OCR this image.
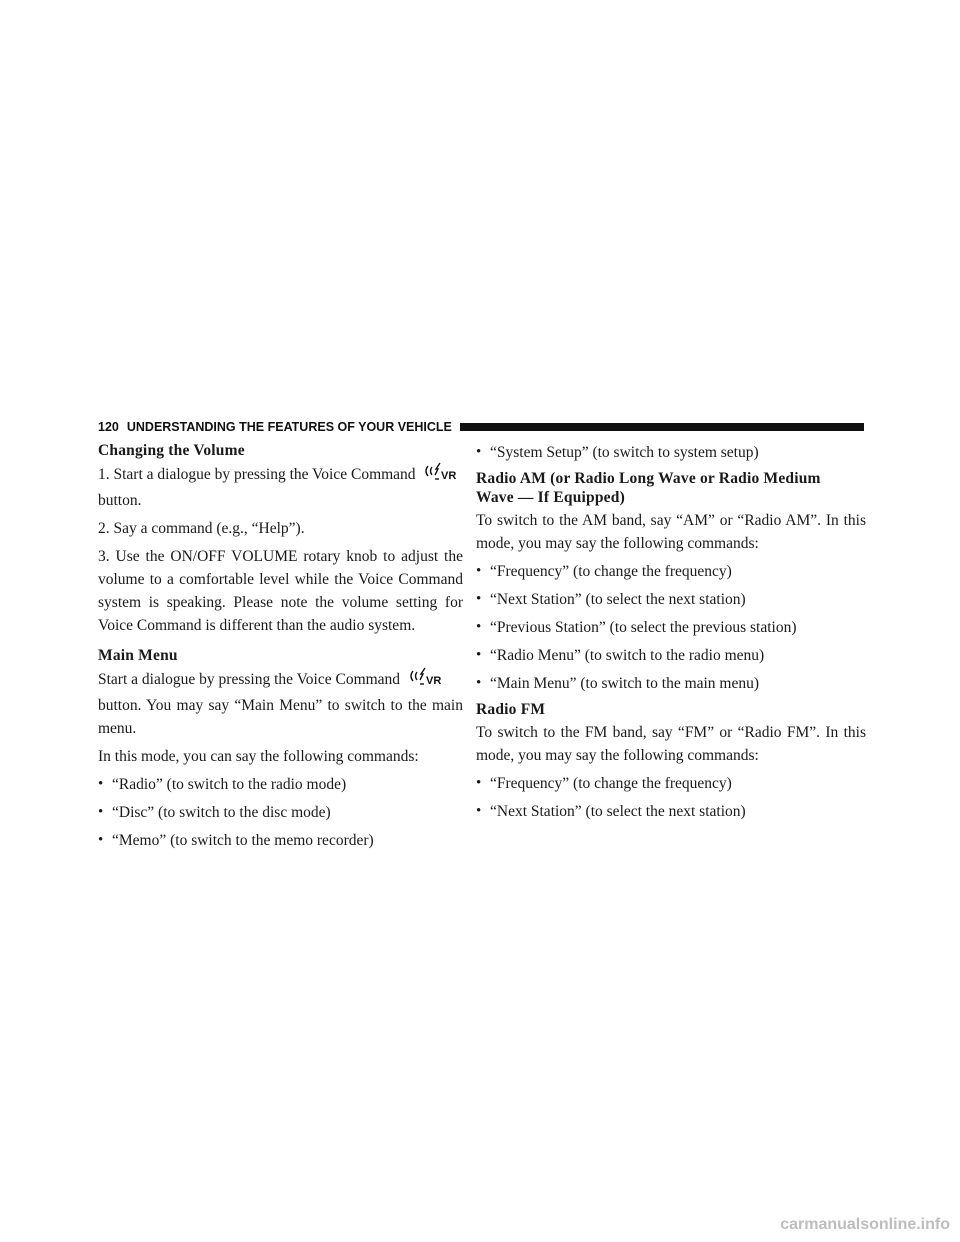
120 UNDERSTANDING THE FEATURES OF YOUR VEHICLE
Changing the Volume

1. Start a dialogue by pressing the Voice Command VR

button.

2. Say a command (e.g., “Help”).

3. Use the ON/OFF VOLUME rotary knob to adjust the volume to a comfortable level while the Voice Command system is speaking. Please note the volume setting for Voice Command is different than the audio system.

Main Menu

Start a dialogue by pressing the Voice Command VR

button. You may say “Main Menu” to switch to the main menu.

In this mode, you can say the following commands:

• “Radio” (to switch to the radio mode)
• “Disc” (to switch to the disc mode)
• “Memo” (to switch to the memo recorder)
• “System Setup” (to switch to system setup)
Radio AM (or Radio Long Wave or Radio Medium
Wave — If Equipped)

To switch to the AM band, say “AM” or “Radio AM”. In this mode, you may say the following commands:

• “Frequency” (to change the frequency)
• “Next Station” (to select the next station)
• “Previous Station” (to select the previous station)
• “Radio Menu” (to switch to the radio menu)
• “Main Menu” (to switch to the main menu)
Radio FM

To switch to the FM band, say “FM” or “Radio FM”. In this mode, you may say the following commands:

• “Frequency” (to change the frequency)
• “Next Station” (to select the next station)
carmanualsonline.info
